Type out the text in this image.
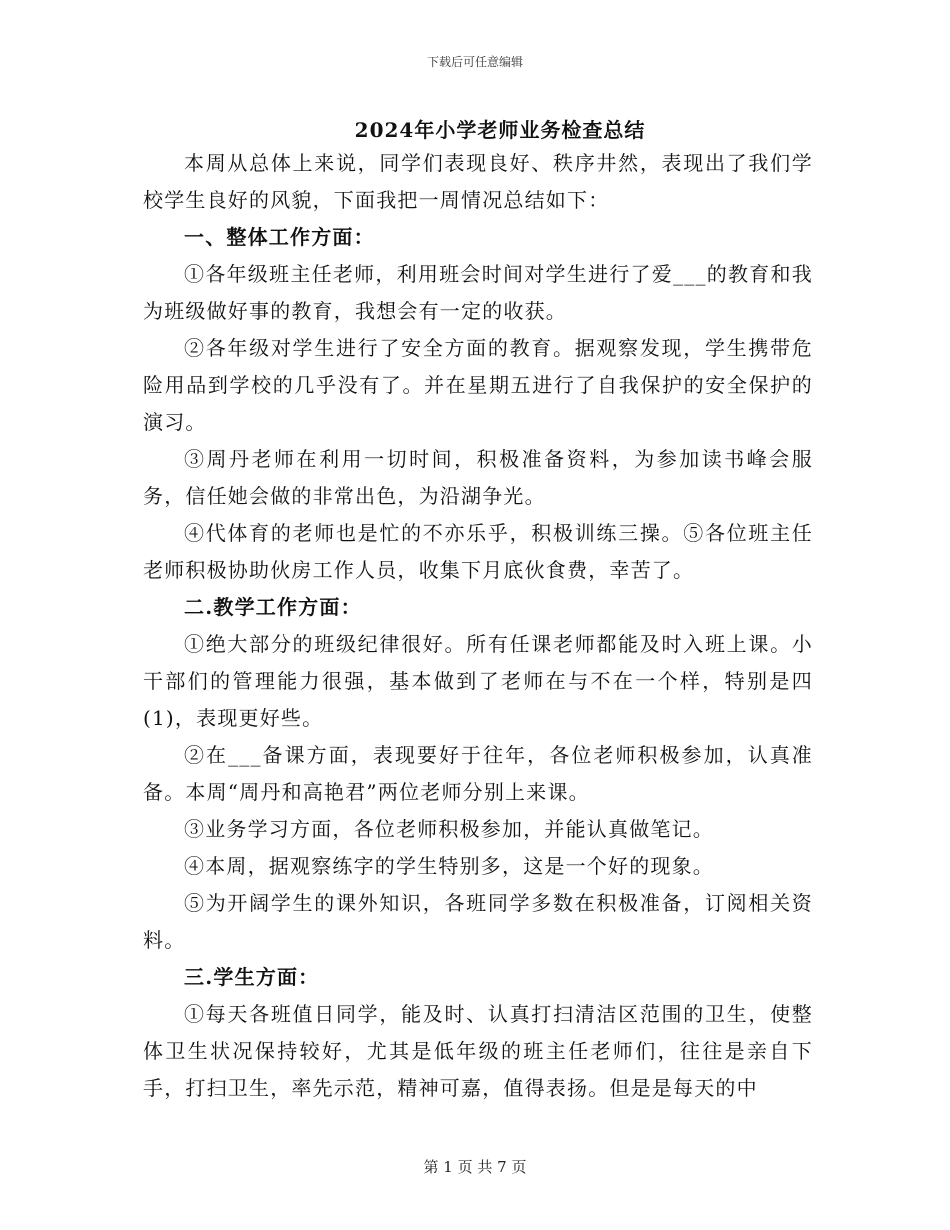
下载后可任意编辑
2024年小学老师业务检查总结

本周从总体上来说，同学们表现良好、秩序井然，表现出了我们学校学生良好的风貌，下面我把一周情况总结如下：

一、整体工作方面：

①各年级班主任老师，利用班会时间对学生进行了爱___的教育和我为班级做好事的教育，我想会有一定的收获。

②各年级对学生进行了安全方面的教育。据观察发现，学生携带危险用品到学校的几乎没有了。并在星期五进行了自我保护的安全保护的演习。

③周丹老师在利用一切时间，积极准备资料，为参加读书峰会服务，信任她会做的非常出色，为沿湖争光。

④代体育的老师也是忙的不亦乐乎，积极训练三操。⑤各位班主任老师积极协助伙房工作人员，收集下月底伙食费，幸苦了。

二.教学工作方面：

①绝大部分的班级纪律很好。所有任课老师都能及时入班上课。小干部们的管理能力很强，基本做到了老师在与不在一个样，特别是四(1)，表现更好些。

②在___备课方面，表现要好于往年，各位老师积极参加，认真准备。本周“周丹和高艳君”两位老师分别上来课。

③业务学习方面，各位老师积极参加，并能认真做笔记。

④本周，据观察练字的学生特别多，这是一个好的现象。

⑤为开阔学生的课外知识，各班同学多数在积极准备，订阅相关资料。

三.学生方面：

①每天各班值日同学，能及时、认真打扫清洁区范围的卫生，使整体卫生状况保持较好，尤其是低年级的班主任老师们，往往是亲自下手，打扫卫生，率先示范，精神可嘉，值得表扬。但是是每天的中

第 1 页 共 7 页
